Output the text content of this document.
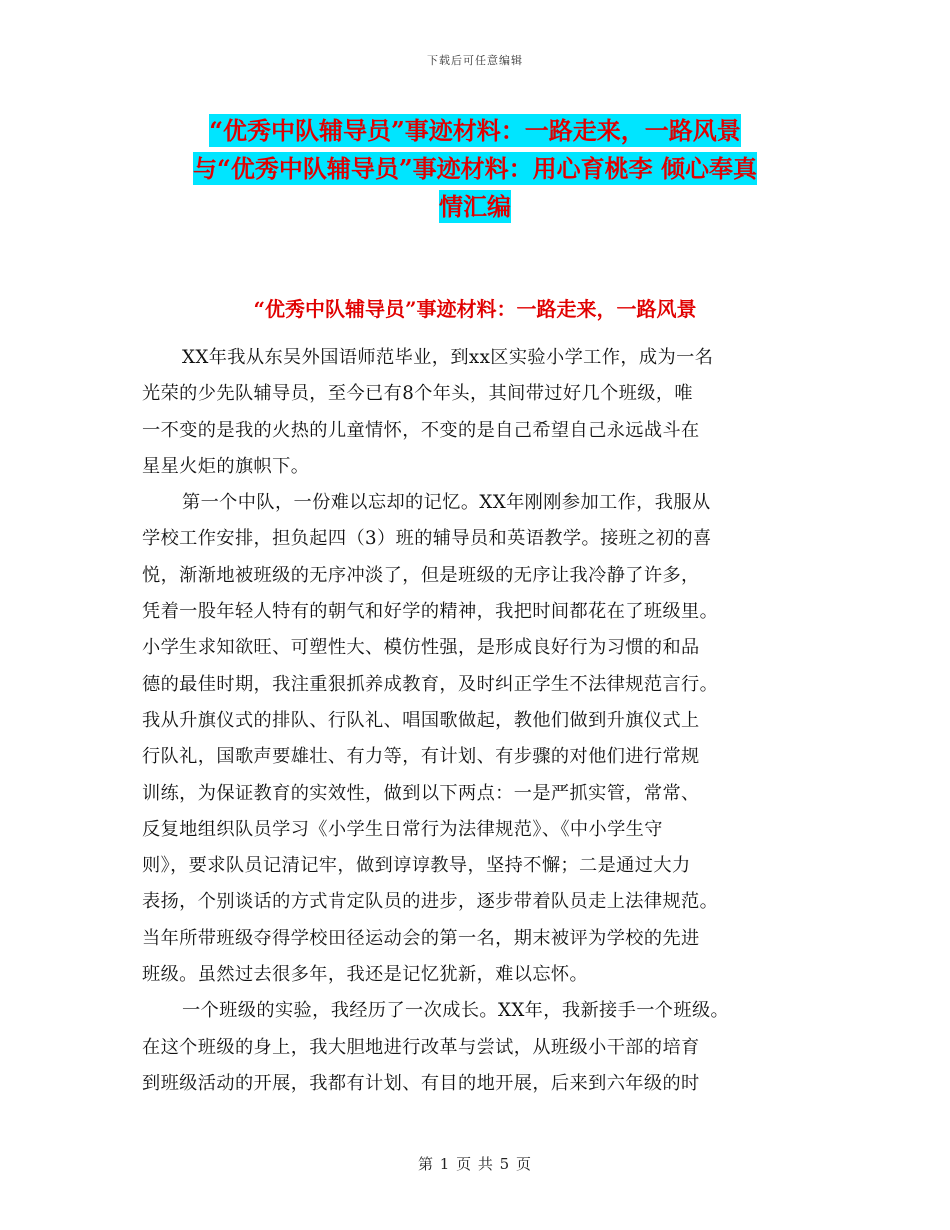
下载后可任意编辑
“优秀中队辅导员”事迹材料：一路走来，一路风景
与“优秀中队辅导员”事迹材料：用心育桃李 倾心奉真
情汇编
“优秀中队辅导员”事迹材料：一路走来，一路风景
XX年我从东吴外国语师范毕业，到xx区实验小学工作，成为一名
光荣的少先队辅导员，至今已有8个年头，其间带过好几个班级，唯
一不变的是我的火热的儿童情怀，不变的是自己希望自己永远战斗在
星星火炬的旗帜下。
第一个中队，一份难以忘却的记忆。XX年刚刚参加工作，我服从
学校工作安排，担负起四（3）班的辅导员和英语教学。接班之初的喜
悦，渐渐地被班级的无序冲淡了，但是班级的无序让我冷静了许多，
凭着一股年轻人特有的朝气和好学的精神，我把时间都花在了班级里。
小学生求知欲旺、可塑性大、模仿性强，是形成良好行为习惯的和品
德的最佳时期，我注重狠抓养成教育，及时纠正学生不法律规范言行。
我从升旗仪式的排队、行队礼、唱国歌做起，教他们做到升旗仪式上
行队礼，国歌声要雄壮、有力等，有计划、有步骤的对他们进行常规
训练，为保证教育的实效性，做到以下两点：一是严抓实管，常常、
反复地组织队员学习《小学生日常行为法律规范》、《中小学生守
则》，要求队员记清记牢，做到谆谆教导，坚持不懈；二是通过大力
表扬，个别谈话的方式肯定队员的进步，逐步带着队员走上法律规范。
当年所带班级夺得学校田径运动会的第一名，期末被评为学校的先进
班级。虽然过去很多年，我还是记忆犹新，难以忘怀。
一个班级的实验，我经历了一次成长。XX年，我新接手一个班级。
在这个班级的身上，我大胆地进行改革与尝试，从班级小干部的培育
到班级活动的开展，我都有计划、有目的地开展，后来到六年级的时
第 1 页 共 5 页
